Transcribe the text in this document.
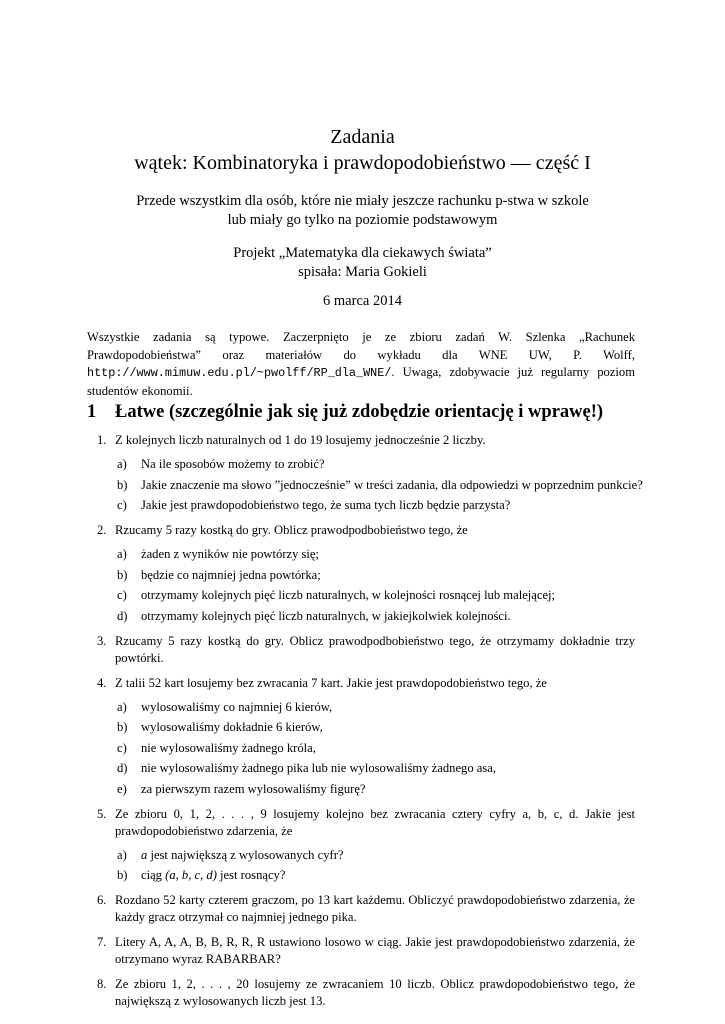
Zadania
wątek: Kombinatoryka i prawdopodobieństwo — część I
Przede wszystkim dla osób, które nie miały jeszcze rachunku p-stwa w szkole
lub miały go tylko na poziomie podstawowym
Projekt „Matematyka dla ciekawych świata”
spisała: Maria Gokieli
6 marca 2014
Wszystkie zadania są typowe. Zaczerpnięto je ze zbioru zadań W. Szlenka „Rachunek Prawdopodobieństwa” oraz materiałów do wykładu dla WNE UW, P. Wolff, http://www.mimuw.edu.pl/~pwolff/RP_dla_WNE/. Uwaga, zdobywacie już regularny poziom studentów ekonomii.
1 Łatwe (szczególnie jak się już zdobędzie orientację i wprawę!)
1. Z kolejnych liczb naturalnych od 1 do 19 losujemy jednocześnie 2 liczby.
a) Na ile sposobów możemy to zrobić?
b) Jakie znaczenie ma słowo ”jednocześnie” w treści zadania, dla odpowiedzi w poprzednim punkcie?
c) Jakie jest prawdopodobieństwo tego, że suma tych liczb będzie parzysta?
2. Rzucamy 5 razy kostką do gry. Oblicz prawodpodbobieństwo tego, że
a) żaden z wyników nie powtórzy się;
b) będzie co najmniej jedna powtórka;
c) otrzymamy kolejnych pięć liczb naturalnych, w kolejności rosnącej lub malejącej;
d) otrzymamy kolejnych pięć liczb naturalnych, w jakiejkolwiek kolejności.
3. Rzucamy 5 razy kostką do gry. Oblicz prawodpodbobieństwo tego, że otrzymamy dokładnie trzy powtórki.
4. Z talii 52 kart losujemy bez zwracania 7 kart. Jakie jest prawdopodobieństwo tego, że
a) wylosowaliśmy co najmniej 6 kierów,
b) wylosowaliśmy dokładnie 6 kierów,
c) nie wylosowaliśmy żadnego króla,
d) nie wylosowaliśmy żadnego pika lub nie wylosowaliśmy żadnego asa,
e) za pierwszym razem wylosowaliśmy figurę?
5. Ze zbioru 0, 1, 2, . . . , 9 losujemy kolejno bez zwracania cztery cyfry a, b, c, d. Jakie jest prawdopodobieństwo zdarzenia, że
a) a jest największą z wylosowanych cyfr?
b) ciąg (a, b, c, d) jest rosnący?
6. Rozdano 52 karty czterem graczom, po 13 kart każdemu. Obliczyć prawdopodobieństwo zdarzenia, że każdy gracz otrzymał co najmniej jednego pika.
7. Litery A, A, A, B, B, R, R, R ustawiono losowo w ciąg. Jakie jest prawdopodobieństwo zdarzenia, że otrzymano wyraz RABARBAR?
8. Ze zbioru 1, 2, . . . , 20 losujemy ze zwracaniem 10 liczb. Oblicz prawdopodobieństwo tego, że największą z wylosowanych liczb jest 13.
